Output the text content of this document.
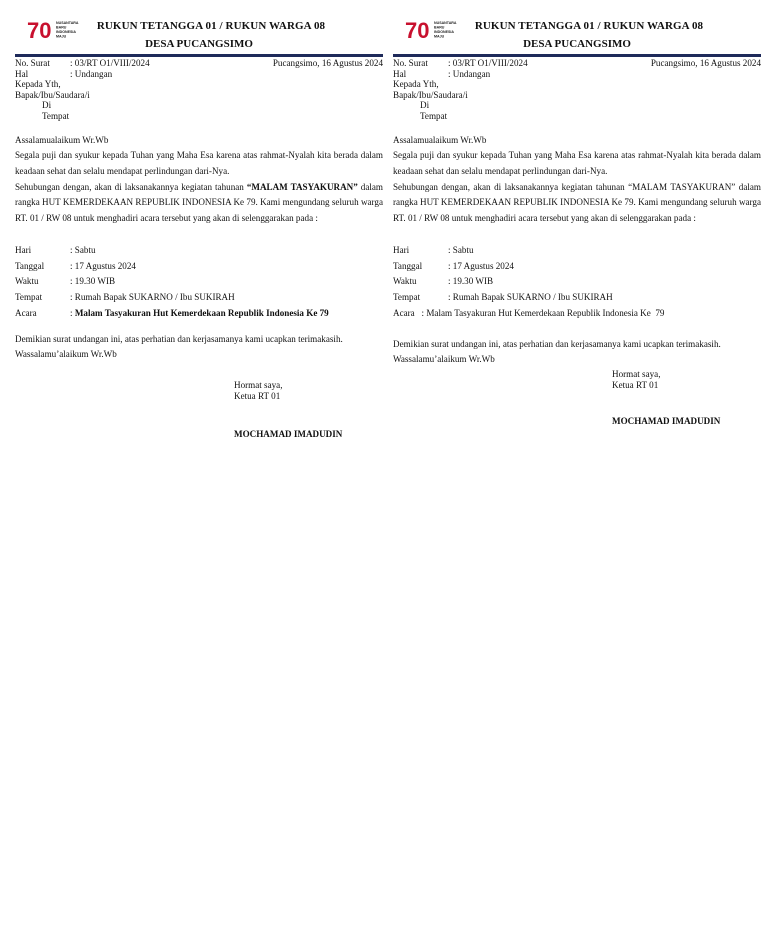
70 NUSANTARA
BARU
INDONESIA
MAJU
RUKUN TETANGGA 01 / RUKUN WARGA 08
DESA PUCANGSIMO
Pucangsimo, 16 Agustus 2024
No. Surat	: 03/RT O1/VIII/2024
Hal	: Undangan
Kepada Yth,
Bapak/Ibu/Saudara/i
Di
Tempat

Assalamualaikum Wr.Wb

Segala puji dan syukur kepada Tuhan yang Maha Esa karena atas rahmat-Nyalah kita berada dalam keadaan sehat dan selalu mendapat perlindungan dari-Nya.

Sehubungan dengan, akan di laksanakannya kegiatan tahunan “MALAM TASYAKURAN” dalam rangka HUT KEMERDEKAAN REPUBLIK INDONESIA Ke 79. Kami mengundang seluruh warga RT. 01 / RW 08 untuk menghadiri acara tersebut yang akan di selenggarakan pada :

Hari	: Sabtu
Tanggal	: 17 Agustus 2024
Waktu	: 19.30 WIB
Tempat	: Rumah Bapak SUKARNO / Ibu SUKIRAH
Acara	: Malam Tasyakuran Hut Kemerdekaan Republik Indonesia Ke 79

Demikian surat undangan ini, atas perhatian dan kerjasamanya kami ucapkan terimakasih.

Wassalamu’alaikum Wr.Wb

Hormat saya,
Ketua RT 01
MOCHAMAD IMADUDIN
70 NUSANTARA
BARU
INDONESIA
MAJU
RUKUN TETANGGA 01 / RUKUN WARGA 08
DESA PUCANGSIMO
Pucangsimo, 16 Agustus 2024
No. Surat	: 03/RT O1/VIII/2024
Hal	: Undangan
Kepada Yth,
Bapak/Ibu/Saudara/i
Di
Tempat

Assalamualaikum Wr.Wb

Segala puji dan syukur kepada Tuhan yang Maha Esa karena atas rahmat-Nyalah kita berada dalam keadaan sehat dan selalu mendapat perlindungan dari-Nya.

Sehubungan dengan, akan di laksanakannya kegiatan tahunan “MALAM TASYAKURAN” dalam rangka HUT KEMERDEKAAN REPUBLIK INDONESIA Ke 79. Kami mengundang seluruh warga RT. 01 / RW 08 untuk menghadiri acara tersebut yang akan di selenggarakan pada :

Hari	: Sabtu
Tanggal	: 17 Agustus 2024
Waktu	: 19.30 WIB
Tempat	: Rumah Bapak SUKARNO / Ibu SUKIRAH
Acara   : Malam Tasyakuran Hut Kemerdekaan Republik Indonesia Ke  79

Demikian surat undangan ini, atas perhatian dan kerjasamanya kami ucapkan terimakasih.

Wassalamu’alaikum Wr.Wb

Hormat saya,
Ketua RT 01
MOCHAMAD IMADUDIN
